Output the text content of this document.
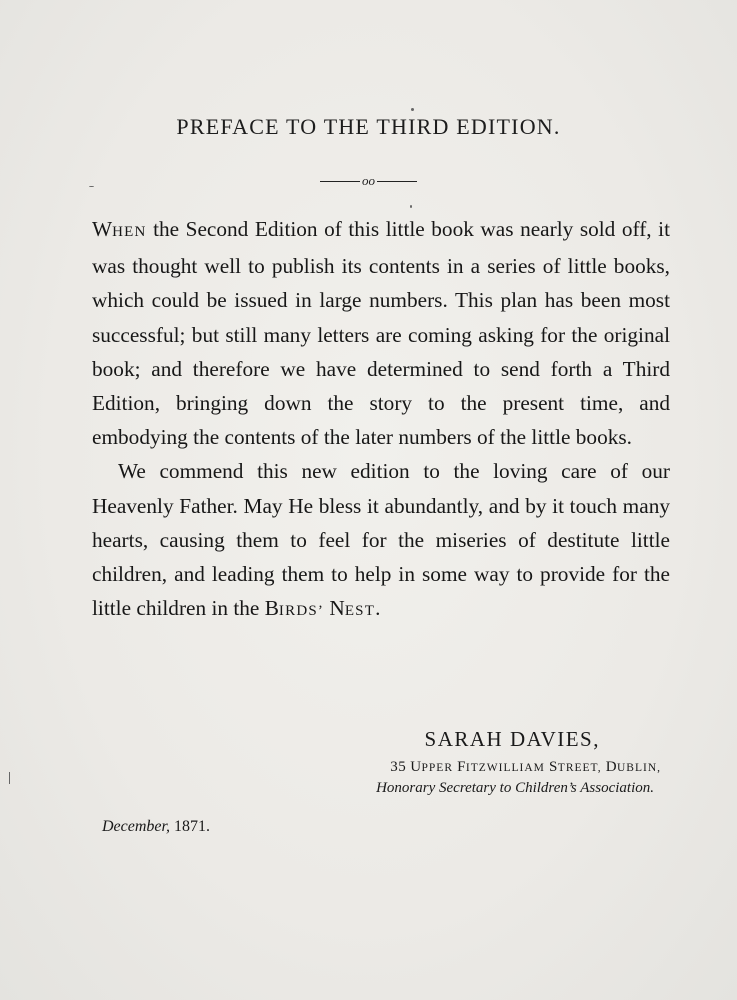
PREFACE TO THE THIRD EDITION.
oo

WHEN the Second Edition of this little book was nearly sold off, it was thought well to publish its contents in a series of little books, which could be issued in large numbers. This plan has been most successful; but still many letters are coming asking for the original book; and therefore we have determined to send forth a Third Edition, bringing down the story to the present time, and embodying the contents of the later numbers of the little books.

We commend this new edition to the loving care of our Heavenly Father. May He bless it abundantly, and by it touch many hearts, causing them to feel for the miseries of destitute little children, and leading them to help in some way to provide for the little children in the BIRDS’ NEST.

SARAH DAVIES,
35 UPPER FITZWILLIAM STREET, DUBLIN,
Honorary Secretary to Children’s Association.
December, 1871.
